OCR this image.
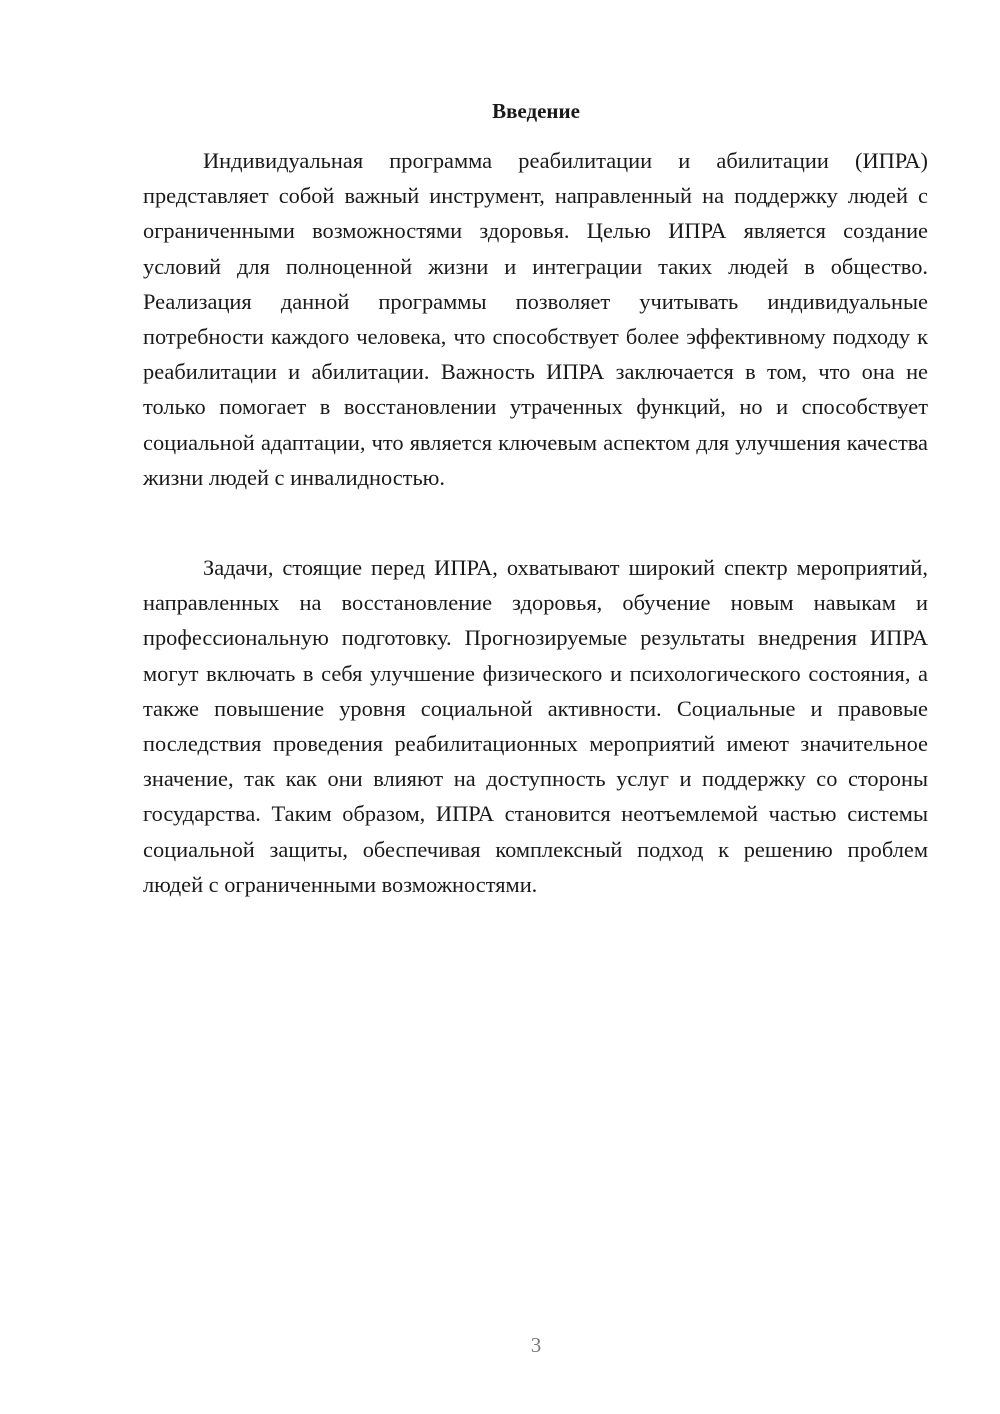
Введение

Индивидуальная программа реабилитации и абилитации (ИПРА) представляет собой важный инструмент, направленный на поддержку людей с ограниченными возможностями здоровья. Целью ИПРА является создание условий для полноценной жизни и интеграции таких людей в общество. Реализация данной программы позволяет учитывать индивидуальные потребности каждого человека, что способствует более эффективному подходу к реабилитации и абилитации. Важность ИПРА заключается в том, что она не только помогает в восстановлении утраченных функций, но и способствует социальной адаптации, что является ключевым аспектом для улучшения качества жизни людей с инвалидностью.

Задачи, стоящие перед ИПРА, охватывают широкий спектр мероприятий, направленных на восстановление здоровья, обучение новым навыкам и профессиональную подготовку. Прогнозируемые результаты внедрения ИПРА могут включать в себя улучшение физического и психологического состояния, а также повышение уровня социальной активности. Социальные и правовые последствия проведения реабилитационных мероприятий имеют значительное значение, так как они влияют на доступность услуг и поддержку со стороны государства. Таким образом, ИПРА становится неотъемлемой частью системы социальной защиты, обеспечивая комплексный подход к решению проблем людей с ограниченными возможностями.

3
